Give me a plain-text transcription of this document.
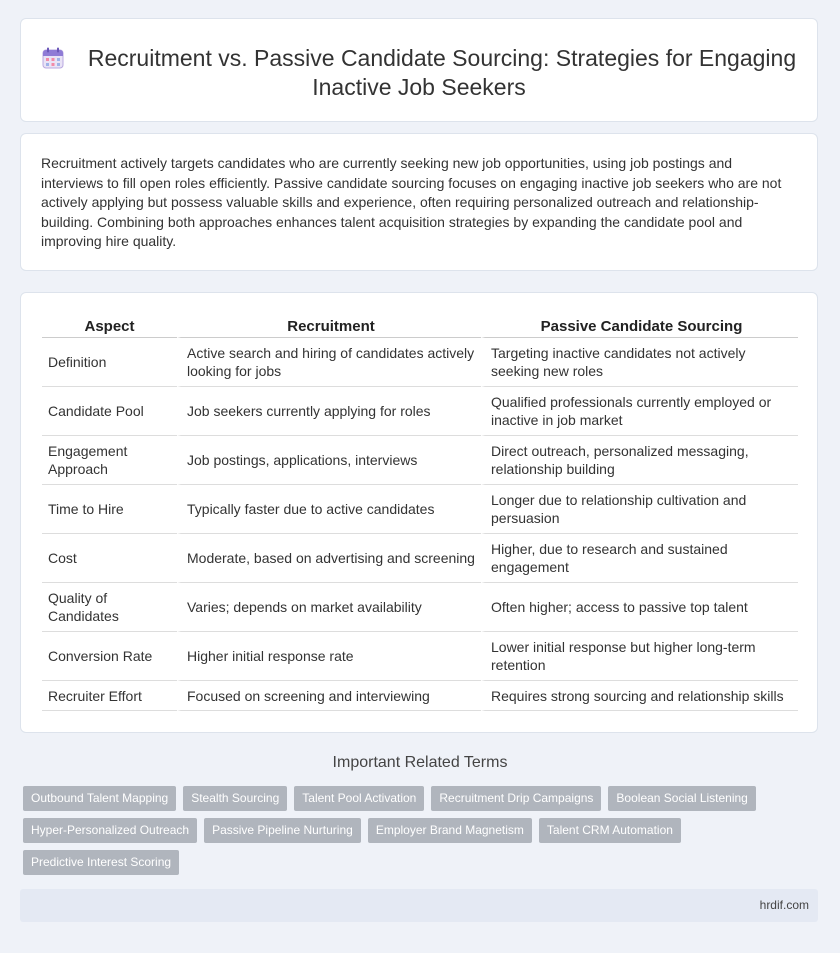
Recruitment vs. Passive Candidate Sourcing: Strategies for Engaging Inactive Job Seekers

Recruitment actively targets candidates who are currently seeking new job opportunities, using job postings and interviews to fill open roles efficiently. Passive candidate sourcing focuses on engaging inactive job seekers who are not actively applying but possess valuable skills and experience, often requiring personalized outreach and relationship-building. Combining both approaches enhances talent acquisition strategies by expanding the candidate pool and improving hire quality.

Aspect	Recruitment	Passive Candidate Sourcing
Definition	Active search and hiring of candidates actively looking for jobs	Targeting inactive candidates not actively seeking new roles
Candidate Pool	Job seekers currently applying for roles	Qualified professionals currently employed or inactive in job market
Engagement Approach	Job postings, applications, interviews	Direct outreach, personalized messaging, relationship building
Time to Hire	Typically faster due to active candidates	Longer due to relationship cultivation and persuasion
Cost	Moderate, based on advertising and screening	Higher, due to research and sustained engagement
Quality of Candidates	Varies; depends on market availability	Often higher; access to passive top talent
Conversion Rate	Higher initial response rate	Lower initial response but higher long-term retention
Recruiter Effort	Focused on screening and interviewing	Requires strong sourcing and relationship skills
Important Related Terms
Outbound Talent Mapping	Stealth Sourcing	Talent Pool Activation	Recruitment Drip Campaigns	Boolean Social Listening
Hyper-Personalized Outreach	Passive Pipeline Nurturing	Employer Brand Magnetism	Talent CRM Automation
Predictive Interest Scoring
hrdif.com
